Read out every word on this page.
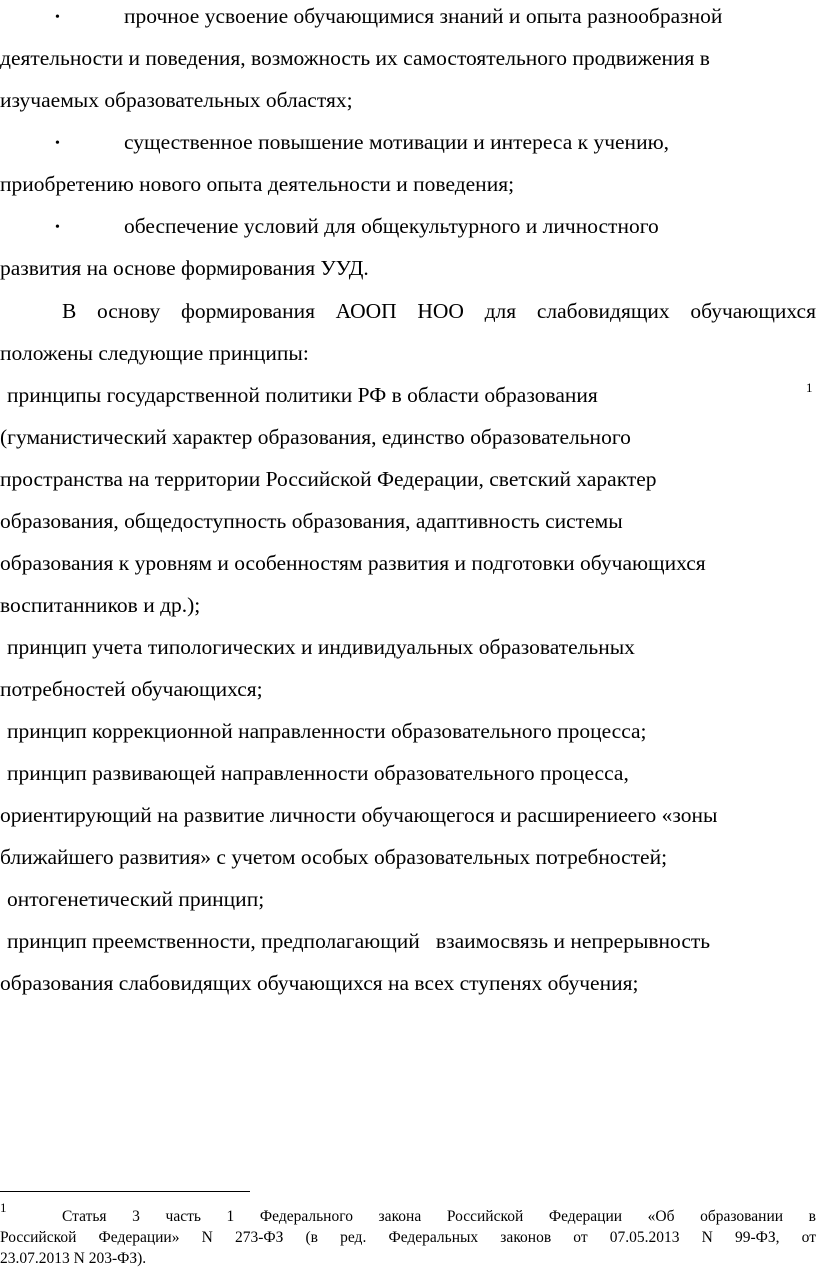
•	прочное усвоение обучающимися знаний и опыта разнообразной
деятельности и поведения, возможность их самостоятельного продвижения в
изучаемых образовательных областях;
•	существенное повышение мотивации и интереса к учению,
приобретению нового опыта деятельности и поведения;
•	обеспечение условий для общекультурного и личностного
развития на основе формирования УУД.
В основу формирования АООП НОО для слабовидящих обучающихся
положены следующие принципы:
принципы государственной политики РФ в области образования	1
(гуманистический характер образования, единство образовательного
пространства на территории Российской Федерации, светский характер
образования, общедоступность образования, адаптивность системы
образования к уровням и особенностям развития и подготовки обучающихся
воспитанников и др.);
принцип учета типологических и индивидуальных образовательных
потребностей обучающихся;
принцип коррекционной направленности образовательного процесса;
принцип развивающей направленности образовательного процесса,
ориентирующий на развитие личности обучающегося и расширениеего «зоны
ближайшего развития» с учетом особых образовательных потребностей;
онтогенетический принцип;
принцип преемственности, предполагающий   взаимосвязь и непрерывность
образования слабовидящих обучающихся на всех ступенях обучения;
1
Статья 3 часть 1 Федерального закона Российской Федерации «Об образовании в
Российской Федерации» N 273-ФЗ (в ред. Федеральных законов от 07.05.2013 N 99-ФЗ, от
23.07.2013 N 203-ФЗ).
